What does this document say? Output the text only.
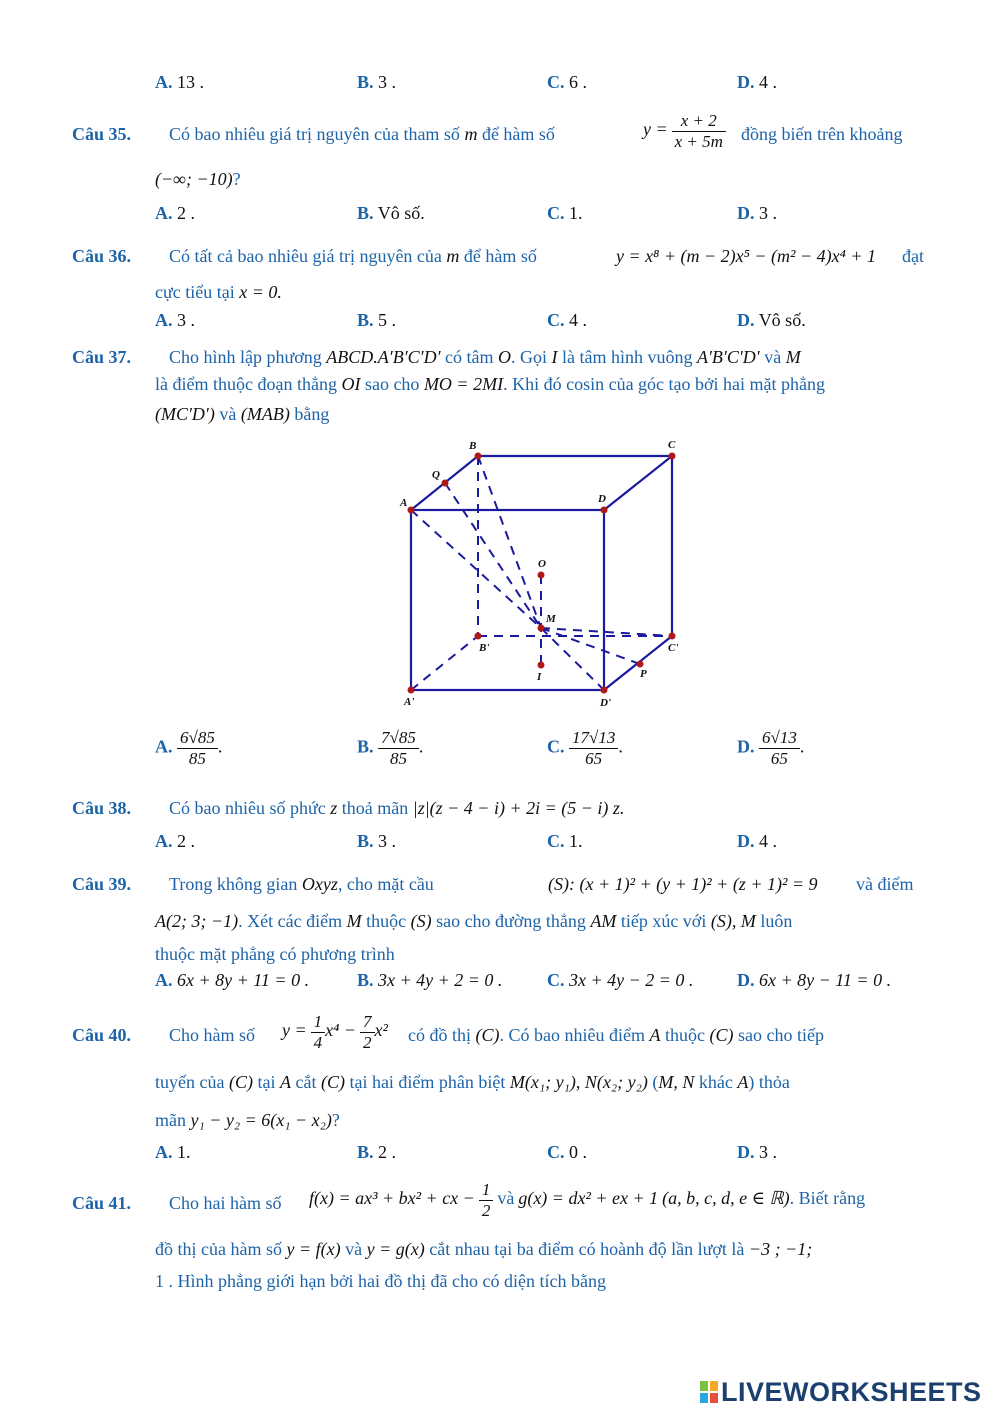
A. 13 .	B. 3 .	C. 6 .	D. 4 .
Câu 35. Có bao nhiêu giá trị nguyên của tham số m để hàm số	$y = \frac{x + 2}{x + 5m}$ đồng biến trên khoảng
(−∞; −10)?
A. 2 .	B. Vô số.	C. 1.	D. 3 .
Câu 36. Có tất cả bao nhiêu giá trị nguyên của m để hàm số	y = x⁸ + (m − 2)x⁵ − (m² − 4)x⁴ + 1 đạt
cực tiểu tại x = 0.
A. 3 .	B. 5 .	C. 4 .	D. Vô số.
Câu 37. Cho hình lập phương ABCD.A′B′C′D′ có tâm O. Gọi I là tâm hình vuông A′B′C′D′ và M
là điểm thuộc đoạn thẳng OI sao cho MO = 2MI. Khi đó cosin của góc tạo bởi hai mặt phẳng
(MC′D′) và (MAB) bằng
B	C
Q
A	D
O
M
B'	C'
I	P
A'	D'
A. $\frac{6√85}{85}$ .	B. $\frac{7√85}{85}$ .	C. $\frac{17√13}{65}$ .	D. $\frac{6√13}{65}$ .
Câu 38. Có bao nhiêu số phức z thoả mãn |z|(z − 4 − i) + 2i = (5 − i) z.
A. 2 .	B. 3 .	C. 1.	D. 4 .
Câu 39. Trong không gian Oxyz, cho mặt cầu	(S): (x + 1)² + (y + 1)² + (z + 1)² = 9 và điểm
A(2; 3; −1). Xét các điểm M thuộc (S) sao cho đường thẳng AM tiếp xúc với (S), M luôn
thuộc mặt phẳng có phương trình
A. 6x + 8y + 11 = 0 .	B. 3x + 4y + 2 = 0 . C. 3x + 4y − 2 = 0 . D. 6x + 8y − 11 = 0 .
Câu 40. Cho hàm số $y = \frac{1}{4} x^4 - \frac{7}{2} x^2$ có đồ thị (C). Có bao nhiêu điểm A thuộc (C) sao cho tiếp
tuyến của (C) tại A cắt (C) tại hai điểm phân biệt M(x₁; y₁), N(x₂; y₂) (M, N khác A) thỏa
mãn y₁ − y₂ = 6(x₁ − x₂)?
A. 1.	B. 2 .	C. 0 .	D. 3 .
Câu 41. Cho hai hàm số f(x) = ax³ + bx² + cx − $\frac{1}{2}$ và g(x) = dx² + ex + 1 (a, b, c, d, e ∈ ℝ). Biết rằng
đồ thị của hàm số y = f(x) và y = g(x) cắt nhau tại ba điểm có hoành độ lần lượt là −3 ; −1;
1 . Hình phẳng giới hạn bởi hai đồ thị đã cho có diện tích bằng
LIVEWORKSHEETS
